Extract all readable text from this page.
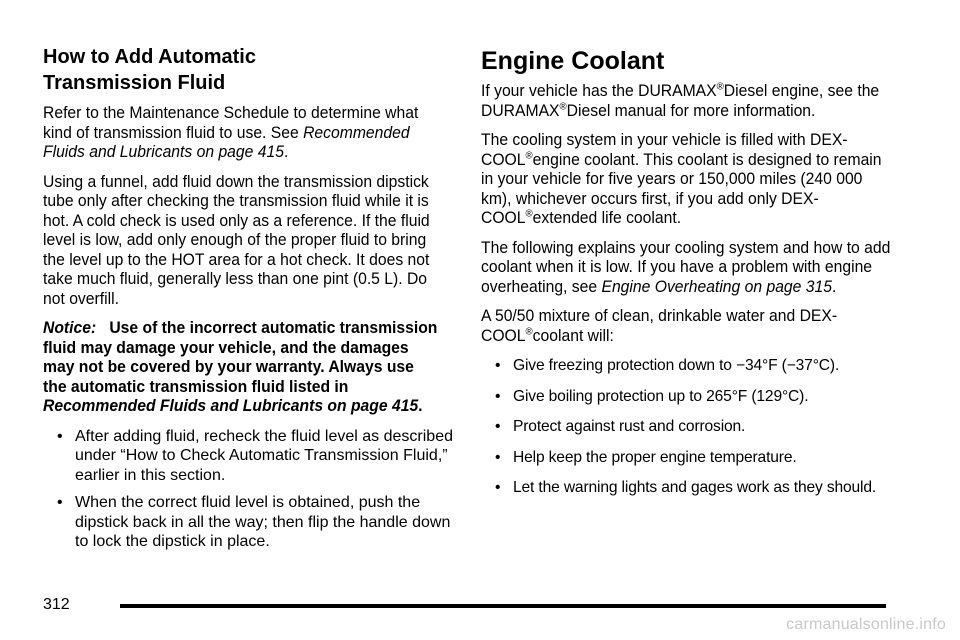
How to Add Automatic
Transmission Fluid

Refer to the Maintenance Schedule to determine what kind of transmission fluid to use. See Recommended Fluids and Lubricants on page 415.

Using a funnel, add fluid down the transmission dipstick tube only after checking the transmission fluid while it is hot. A cold check is used only as a reference. If the fluid level is low, add only enough of the proper fluid to bring the level up to the HOT area for a hot check. It does not take much fluid, generally less than one pint (0.5 L). Do not overfill.

Notice: Use of the incorrect automatic transmission fluid may damage your vehicle, and the damages may not be covered by your warranty. Always use the automatic transmission fluid listed in Recommended Fluids and Lubricants on page 415.

• After adding fluid, recheck the fluid level as described under “How to Check Automatic Transmission Fluid,” earlier in this section.
• When the correct fluid level is obtained, push the dipstick back in all the way; then flip the handle down to lock the dipstick in place.
Engine Coolant

If your vehicle has the DURAMAX®Diesel engine, see the DURAMAX®Diesel manual for more information.

The cooling system in your vehicle is filled with DEX-COOL®engine coolant. This coolant is designed to remain in your vehicle for five years or 150,000 miles (240 000 km), whichever occurs first, if you add only DEX-COOL®extended life coolant.

The following explains your cooling system and how to add coolant when it is low. If you have a problem with engine overheating, see Engine Overheating on page 315.

A 50/50 mixture of clean, drinkable water and DEX-COOL®coolant will:

• Give freezing protection down to −34°F (−37°C).
• Give boiling protection up to 265°F (129°C).
• Protect against rust and corrosion.
• Help keep the proper engine temperature.
• Let the warning lights and gages work as they should.
312
carmanualsonline.info
